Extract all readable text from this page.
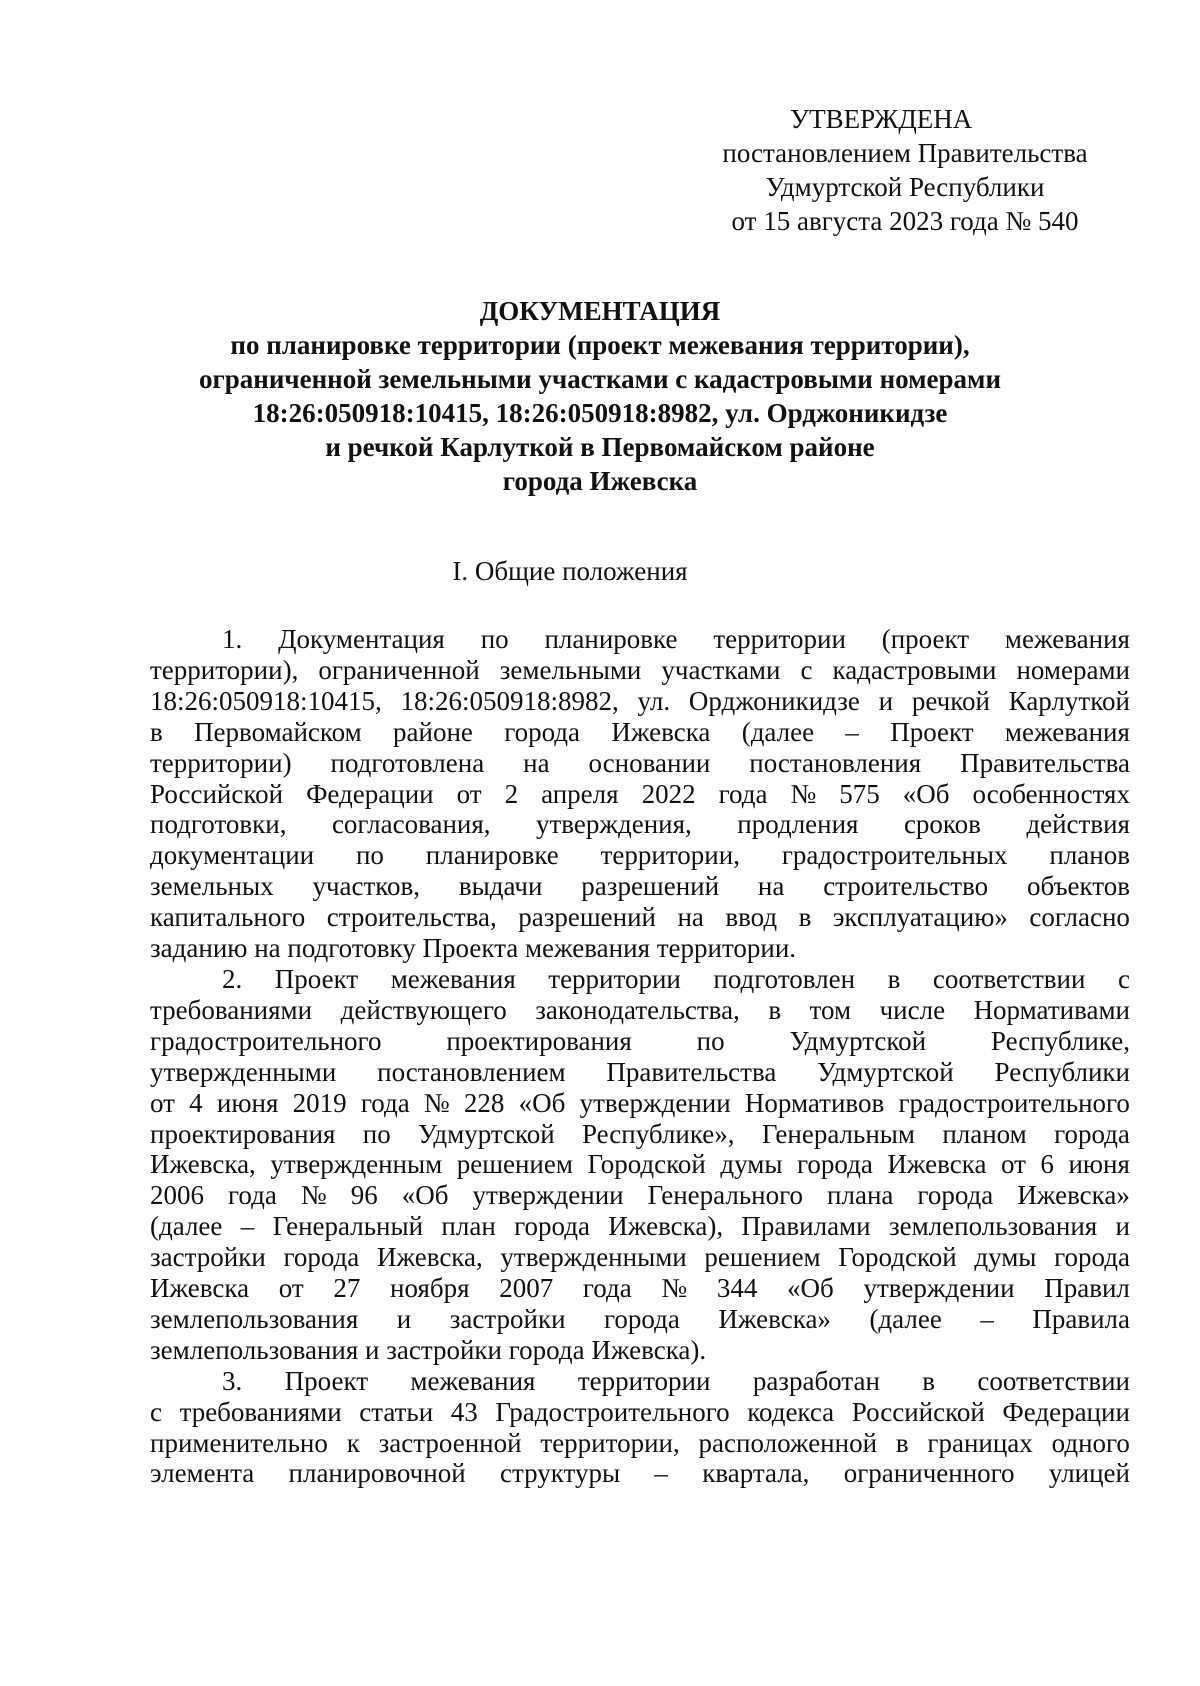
УТВЕРЖДЕНА
постановлением Правительства
Удмуртской Республики
от 15 августа 2023 года № 540
ДОКУМЕНТАЦИЯ
по планировке территории (проект межевания территории),
ограниченной земельными участками с кадастровыми номерами
18:26:050918:10415, 18:26:050918:8982, ул. Орджоникидзе
и речкой Карлуткой в Первомайском районе
города Ижевска
I. Общие положения
1. Документация по планировке территории (проект межевания
территории), ограниченной земельными участками с кадастровыми номерами
18:26:050918:10415, 18:26:050918:8982, ул. Орджоникидзе и речкой Карлуткой
в Первомайском районе города Ижевска (далее – Проект межевания
территории) подготовлена на основании постановления Правительства
Российской Федерации от 2 апреля 2022 года № 575 «Об особенностях
подготовки, согласования, утверждения, продления сроков действия
документации по планировке территории, градостроительных планов
земельных участков, выдачи разрешений на строительство объектов
капитального строительства, разрешений на ввод в эксплуатацию» согласно
заданию на подготовку Проекта межевания территории.
2. Проект межевания территории подготовлен в соответствии с
требованиями действующего законодательства, в том числе Нормативами
градостроительного проектирования по Удмуртской Республике,
утвержденными постановлением Правительства Удмуртской Республики
от 4 июня 2019 года № 228 «Об утверждении Нормативов градостроительного
проектирования по Удмуртской Республике», Генеральным планом города
Ижевска, утвержденным решением Городской думы города Ижевска от 6 июня
2006 года № 96 «Об утверждении Генерального плана города Ижевска»
(далее – Генеральный план города Ижевска), Правилами землепользования и
застройки города Ижевска, утвержденными решением Городской думы города
Ижевска от 27 ноября 2007 года № 344 «Об утверждении Правил
землепользования и застройки города Ижевска» (далее – Правила
землепользования и застройки города Ижевска).
3. Проект межевания территории разработан в соответствии
с требованиями статьи 43 Градостроительного кодекса Российской Федерации
применительно к застроенной территории, расположенной в границах одного
элемента планировочной структуры – квартала, ограниченного улицей
